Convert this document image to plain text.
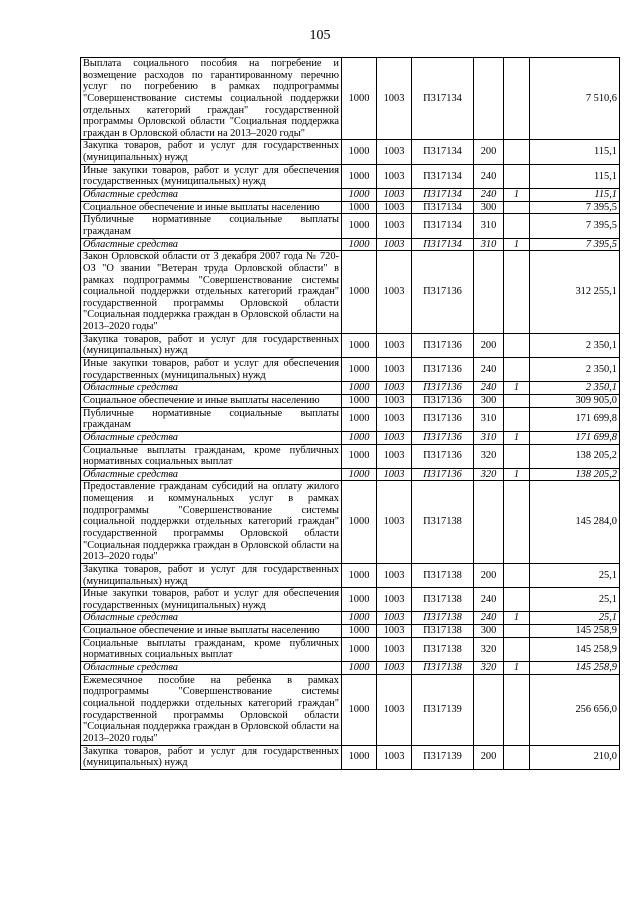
105
Выплата социального пособия на погребение и возмещение расходов по гарантированному перечню услуг по погребению в рамках подпрограммы "Совершенствование системы социальной поддержки отдельных категорий граждан" государственной программы Орловской области "Социальная поддержка граждан в Орловской области на 2013–2020 годы"	1000	1003	П317134			7 510,6
Закупка товаров, работ и услуг для государственных (муниципальных) нужд	1000	1003	П317134	200		115,1
Иные закупки товаров, работ и услуг для обеспечения государственных (муниципальных) нужд	1000	1003	П317134	240		115,1
Областные средства	1000	1003	П317134	240	1	115,1
Социальное обеспечение и иные выплаты населению	1000	1003	П317134	300		7 395,5
Публичные нормативные социальные выплаты гражданам	1000	1003	П317134	310		7 395,5
Областные средства	1000	1003	П317134	310	1	7 395,5
Закон Орловской области от 3 декабря 2007 года № 720-ОЗ "О звании "Ветеран труда Орловской области" в рамках подпрограммы "Совершенствование системы социальной поддержки отдельных категорий граждан" государственной программы Орловской области "Социальная поддержка граждан в Орловской области на 2013–2020 годы"	1000	1003	П317136			312 255,1
Закупка товаров, работ и услуг для государственных (муниципальных) нужд	1000	1003	П317136	200		2 350,1
Иные закупки товаров, работ и услуг для обеспечения государственных (муниципальных) нужд	1000	1003	П317136	240		2 350,1
Областные средства	1000	1003	П317136	240	1	2 350,1
Социальное обеспечение и иные выплаты населению	1000	1003	П317136	300		309 905,0
Публичные нормативные социальные выплаты гражданам	1000	1003	П317136	310		171 699,8
Областные средства	1000	1003	П317136	310	1	171 699,8
Социальные выплаты гражданам, кроме публичных нормативных социальных выплат	1000	1003	П317136	320		138 205,2
Областные средства	1000	1003	П317136	320	1	138 205,2
Предоставление гражданам субсидий на оплату жилого помещения и коммунальных услуг в рамках подпрограммы "Совершенствование системы социальной поддержки отдельных категорий граждан" государственной программы Орловской области "Социальная поддержка граждан в Орловской области на 2013–2020 годы"	1000	1003	П317138			145 284,0
Закупка товаров, работ и услуг для государственных (муниципальных) нужд	1000	1003	П317138	200		25,1
Иные закупки товаров, работ и услуг для обеспечения государственных (муниципальных) нужд	1000	1003	П317138	240		25,1
Областные средства	1000	1003	П317138	240	1	25,1
Социальное обеспечение и иные выплаты населению	1000	1003	П317138	300		145 258,9
Социальные выплаты гражданам, кроме публичных нормативных социальных выплат	1000	1003	П317138	320		145 258,9
Областные средства	1000	1003	П317138	320	1	145 258,9
Ежемесячное пособие на ребенка в рамках подпрограммы "Совершенствование системы социальной поддержки отдельных категорий граждан" государственной программы Орловской области "Социальная поддержка граждан в Орловской области на 2013–2020 годы"	1000	1003	П317139			256 656,0
Закупка товаров, работ и услуг для государственных (муниципальных) нужд	1000	1003	П317139	200		210,0
